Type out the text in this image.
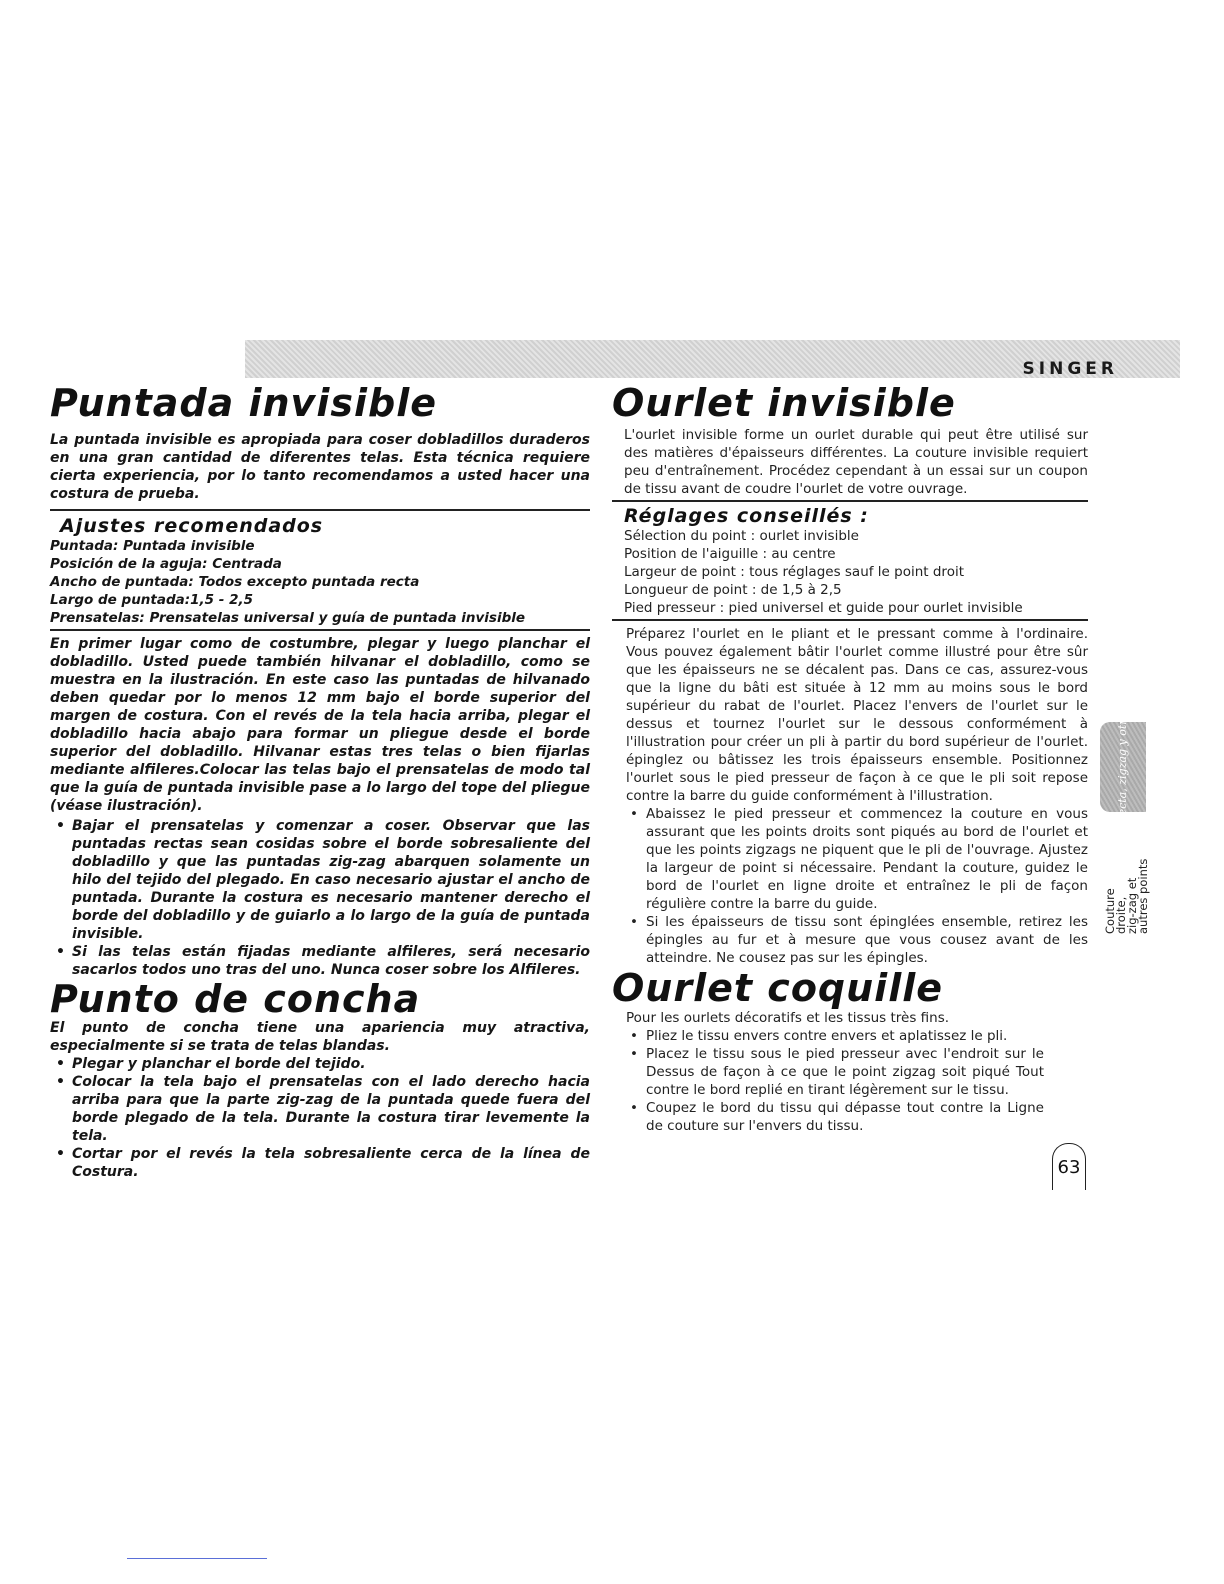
SINGER
Puntada invisible

La puntada invisible es apropiada para coser dobladillos duraderos en una gran cantidad de diferentes telas. Esta técnica requiere cierta experiencia, por lo tanto recomendamos a usted hacer una costura de prueba.

Ajustes recomendados

Puntada: Puntada invisible

Posición de la aguja: Centrada

Ancho de puntada: Todos excepto puntada recta

Largo de puntada:1,5 - 2,5

Prensatelas: Prensatelas universal y guía de puntada invisible

En primer lugar como de costumbre, plegar y luego planchar el dobladillo. Usted puede también hilvanar el dobladillo, como se muestra en la ilustración. En este caso las puntadas de hilvanado deben quedar por lo menos 12 mm bajo el borde superior del margen de costura. Con el revés de la tela hacia arriba, plegar el dobladillo hacia abajo para formar un pliegue desde el borde superior del dobladillo. Hilvanar estas tres telas o bien fijarlas mediante alfileres.Colocar las telas bajo el prensatelas de modo tal que la guía de puntada invisible pase a lo largo del tope del pliegue (véase ilustración).

• Bajar el prensatelas y comenzar a coser. Observar que las puntadas rectas sean cosidas sobre el borde sobresaliente del dobladillo y que las puntadas zig-zag abarquen solamente un hilo del tejido del plegado. En caso necesario ajustar el ancho de puntada. Durante la costura es necesario mantener derecho el borde del dobladillo y de guiarlo a lo largo de la guía de puntada invisible.
• Si las telas están fijadas mediante alfileres, será necesario sacarlos todos uno tras del uno. Nunca coser sobre los Alfileres.
Punto de concha

El punto de concha tiene una apariencia muy atractiva, especialmente si se trata de telas blandas.

• Plegar y planchar el borde del tejido.
• Colocar la tela bajo el prensatelas con el lado derecho hacia arriba para que la parte zig-zag de la puntada quede fuera del borde plegado de la tela. Durante la costura tirar levemente la tela.
• Cortar por el revés la tela sobresaliente cerca de la línea de Costura.
Ourlet invisible

L'ourlet invisible forme un ourlet durable qui peut être utilisé sur des matières d'épaisseurs différentes. La couture invisible requiert peu d'entraînement. Procédez cependant à un essai sur un coupon de tissu avant de coudre l'ourlet de votre ouvrage.

Réglages conseillés :

Sélection du point : ourlet invisible

Position de l'aiguille : au centre

Largeur de point : tous réglages sauf le point droit

Longueur de point : de 1,5 à 2,5

Pied presseur : pied universel et guide pour ourlet invisible

Préparez l'ourlet en le pliant et le pressant comme à l'ordinaire. Vous pouvez également bâtir l'ourlet comme illustré pour être sûr que les épaisseurs ne se décalent pas. Dans ce cas, assurez-vous que la ligne du bâti est située à 12 mm au moins sous le bord supérieur du rabat de l'ourlet. Placez l'envers de l'ourlet sur le dessus et tournez l'ourlet sur le dessous conformément à l'illustration pour créer un pli à partir du bord supérieur de l'ourlet. épinglez ou bâtissez les trois épaisseurs ensemble. Positionnez l'ourlet sous le pied presseur de façon à ce que le pli soit repose contre la barre du guide conformément à l'illustration.

• Abaissez le pied presseur et commencez la couture en vous assurant que les points droits sont piqués au bord de l'ourlet et que les points zigzags ne piquent que le pli de l'ouvrage. Ajustez la largeur de point si nécessaire. Pendant la couture, guidez le bord de l'ourlet en ligne droite et entraînez le pli de façon régulière contre la barre du guide.
• Si les épaisseurs de tissu sont épinglées ensemble, retirez les épingles au fur et à mesure que vous cousez avant de les atteindre. Ne cousez pas sur les épingles.
Ourlet coquille

Pour les ourlets décoratifs et les tissus très fins.

• Pliez le tissu envers contre envers et aplatissez le pli.
• Placez le tissu sous le pied presseur avec l'endroit sur le Dessus de façon à ce que le point zigzag soit piqué Tout contre le bord replié en tirant légèrement sur le tissu.
• Coupez le bord du tissu qui dépasse tout contre la Ligne de couture sur l'envers du tissu.
Costura recta, zigzag y otros puntos
Couture
droite,
zig-zag et
autres points
63
